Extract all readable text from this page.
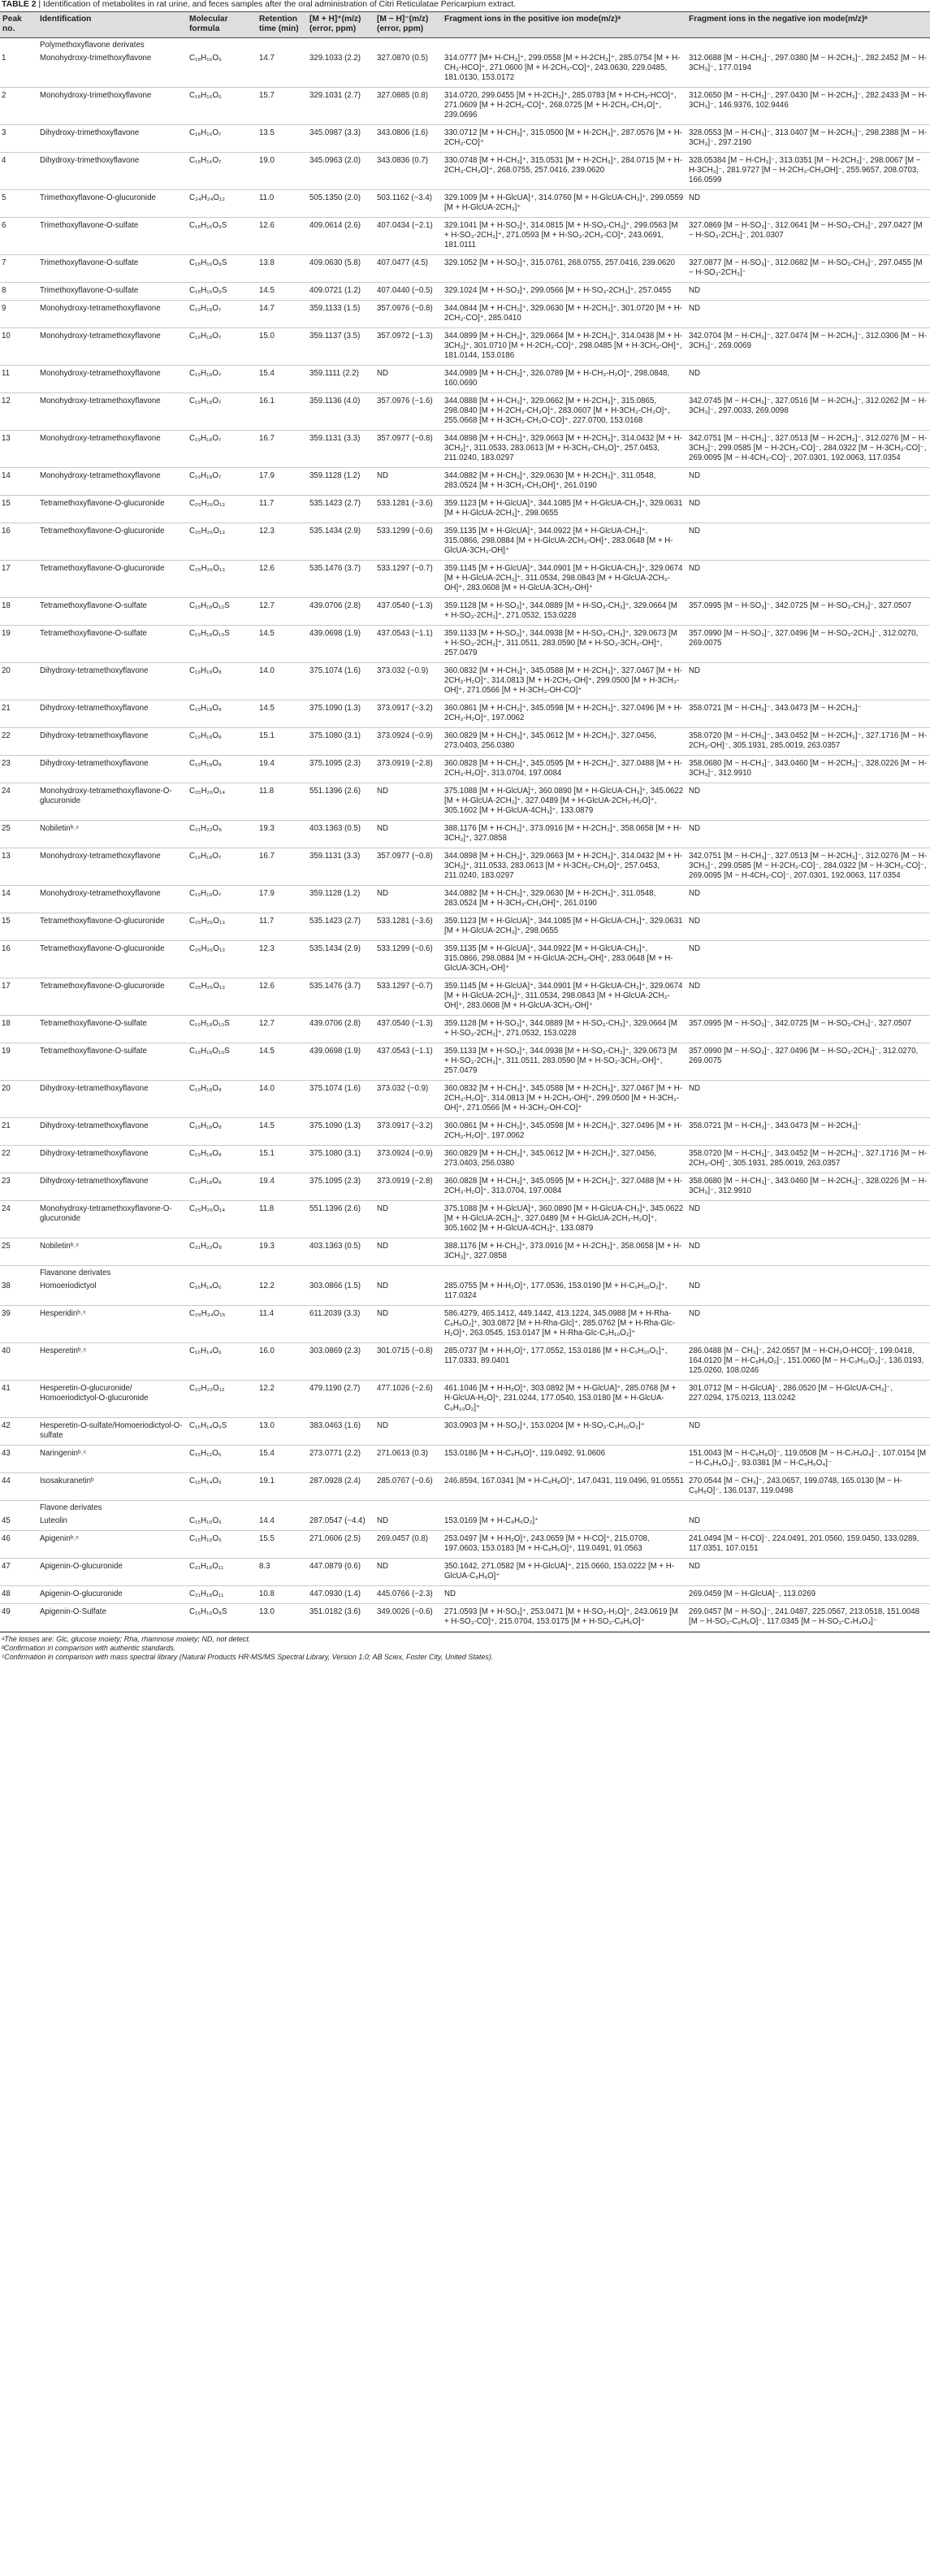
TABLE 2 | Identification of metabolites in rat urine, and feces samples after the oral administration of Citri Reticulatae Pericarpium extract.
Peak no.	Identification	Molecular formula	Retention time (min)	[M + H]⁺(m/z) (error, ppm)	[M − H]⁻(m/z) (error, ppm)	Fragment ions in the positive ion mode(m/z)ᵃ	Fragment ions in the negative ion mode(m/z)ᵃ
	Polymethoxyflavone derivates						
1	Monohydroxy-trimethoxyflavone	C₁₈H₁₆O₆	14.7	329.1033 (2.2)	327.0870 (0.5)	314.0777 [M+ H-CH₃]⁺, 299.0558 [M + H-2CH₃]⁺, 285.0754 [M + H-CH₃-HCO]⁺, 271.0600 [M + H-2CH₃-CO]⁺, 243.0630, 229.0485, 181.0130, 153.0172	312.0688 [M − H-CH₃]⁻, 297.0380 [M − H-2CH₃]⁻, 282.2452 [M − H-3CH₃]⁻, 177.0194
2	Monohydroxy-trimethoxyflavone	C₁₈H₁₆O₆	15.7	329.1031 (2.7)	327.0885 (0.8)	314.0720, 299.0455 [M + H-2CH₃]⁺, 285.0783 [M + H-CH₃-HCO]⁺, 271.0609 [M + H-2CH₃-CO]⁺, 268.0725 [M + H-2CH₃-CH₃O]⁺, 239.0696	312.0650 [M − H-CH₃]⁻, 297.0430 [M − H-2CH₃]⁻, 282.2433 [M − H-3CH₃]⁻, 146.9376, 102.9446
3	Dihydroxy-trimethoxyflavone	C₁₈H₁₆O₇	13.5	345.0987 (3.3)	343.0806 (1.6)	330.0712 [M + H-CH₃]⁺, 315.0500 [M + H-2CH₃]⁺, 287.0576 [M + H-2CH₃-CO]⁺	328.0553 [M − H-CH₃]⁻, 313.0407 [M − H-2CH₃]⁻, 298.2388 [M − H-3CH₃]⁻, 297.2190
4	Dihydroxy-trimethoxyflavone	C₁₈H₁₆O₇	19.0	345.0963 (2.0)	343.0836 (0.7)	330.0748 [M + H-CH₃]⁺, 315.0531 [M + H-2CH₃]⁺, 284.0715 [M + H-2CH₃-CH₃O]⁺, 268.0755, 257.0416, 239.0620	328.05384 [M − H-CH₃]⁻, 313.0351 [M − H-2CH₃]⁻, 298.0067 [M − H-3CH₃]⁻, 281.9727 [M − H-2CH₃-CH₃OH]⁻, 255.9657, 208.0703, 166.0599
5	Trimethoxyflavone-O-glucuronide	C₂₄H₂₄O₁₂	11.0	505.1350 (2.0)	503.1162 (−3.4)	329.1009 [M + H-GlcUA]⁺, 314.0760 [M + H-GlcUA-CH₃]⁺, 299.0559 [M + H-GlcUA-2CH₃]⁺	ND
6	Trimethoxyflavone-O-sulfate	C₁₈H₁₆O₉S	12.6	409.0614 (2.6)	407.0434 (−2.1)	329.1041 [M + H-SO₃]⁺, 314.0815 [M + H-SO₃-CH₃]⁺, 299.0563 [M + H-SO₃-2CH₃]⁺, 271.0593 [M + H-SO₃-2CH₃-CO]⁺, 243.0691, 181.0111	327.0869 [M − H-SO₃]⁻, 312.0641 [M − H-SO₃-CH₃]⁻, 297.0427 [M − H-SO₃-2CH₃]⁻, 201.0307
7	Trimethoxyflavone-O-sulfate	C₁₈H₁₆O₉S	13.8	409.0630 (5.8)	407.0477 (4.5)	329.1052 [M + H-SO₃]⁺, 315.0761, 268.0755, 257.0416, 239.0620	327.0877 [M − H-SO₃]⁻, 312.0682 [M − H-SO₃-CH₃]⁻, 297.0455 [M − H-SO₃-2CH₃]⁻
8	Trimethoxyflavone-O-sulfate	C₁₈H₁₆O₉S	14.5	409.0721 (1.2)	407.0440 (−0.5)	329.1024 [M + H-SO₃]⁺, 299.0566 [M + H-SO₃-2CH₃]⁺, 257.0455	ND
9	Monohydroxy-tetramethoxyflavone	C₁₉H₁₈O₇	14.7	359.1133 (1.5)	357.0976 (−0.8)	344.0844 [M + H-CH₃]⁺, 329.0630 [M + H-2CH₃]⁺, 301.0720 [M + H-2CH₃-CO]⁺, 285.0410	ND
10	Monohydroxy-tetramethoxyflavone	C₁₉H₁₈O₇	15.0	359.1137 (3.5)	357.0972 (−1.3)	344.0899 [M + H-CH₃]⁺, 329.0664 [M + H-2CH₃]⁺, 314.0438 [M + H-3CH₃]⁺, 301.0710 [M + H-2CH₃-CO]⁺, 298.0485 [M + H-3CH₃-OH]⁺, 181.0144, 153.0186	342.0704 [M − H-CH₃]⁻, 327.0474 [M − H-2CH₃]⁻, 312.0306 [M − H-3CH₃]⁻, 269.0069
11	Monohydroxy-tetramethoxyflavone	C₁₉H₁₈O₇	15.4	359.1111 (2.2)	ND	344.0989 [M + H-CH₃]⁺, 326.0789 [M + H-CH₃-H₂O]⁺, 298.0848, 160.0690	ND
12	Monohydroxy-tetramethoxyflavone	C₁₉H₁₈O₇	16.1	359.1136 (4.0)	357.0976 (−1.6)	344.0888 [M + H-CH₃]⁺, 329.0662 [M + H-2CH₃]⁺, 315.0865, 298.0840 [M + H-2CH₃-CH₃O]⁺, 283.0607 [M + H-3CH₃-CH₃O]⁺, 255.0668 [M + H-3CH₃-CH₃O-CO]⁺, 227.0700, 153.0168	342.0745 [M − H-CH₃]⁻, 327.0516 [M − H-2CH₃]⁻, 312.0262 [M − H-3CH₃]⁻, 297.0033, 269.0098
13	Monohydroxy-tetramethoxyflavone	C₁₉H₁₈O₇	16.7	359.1131 (3.3)	357.0977 (−0.8)	344.0898 [M + H-CH₃]⁺, 329.0663 [M + H-2CH₃]⁺, 314.0432 [M + H-3CH₃]⁺, 311.0533, 283.0613 [M + H-3CH₃-CH₃O]⁺, 257.0453, 211.0240, 183.0297	342.0751 [M − H-CH₃]⁻, 327.0513 [M − H-2CH₃]⁻, 312.0276 [M − H-3CH₃]⁻, 299.0585 [M − H-2CH₃-CO]⁻, 284.0322 [M − H-3CH₃-CO]⁻, 269.0095 [M − H-4CH₃-CO]⁻, 207.0301, 192.0063, 117.0354
14	Monohydroxy-tetramethoxyflavone	C₁₉H₁₈O₇	17.9	359.1128 (1.2)	ND	344.0882 [M + H-CH₃]⁺, 329.0630 [M + H-2CH₃]⁺, 311.0548, 283.0524 [M + H-3CH₃-CH₃OH]⁺, 261.0190	ND
15	Tetramethoxyflavone-O-glucuronide	C₂₅H₂₆O₁₃	11.7	535.1423 (2.7)	533.1281 (−3.6)	359.1123 [M + H-GlcUA]⁺, 344.1085 [M + H-GlcUA-CH₃]⁺, 329.0631 [M + H-GlcUA-2CH₃]⁺, 298.0655	ND
16	Tetramethoxyflavone-O-glucuronide	C₂₅H₂₆O₁₃	12.3	535.1434 (2.9)	533.1299 (−0.6)	359.1135 [M + H-GlcUA]⁺, 344.0922 [M + H-GlcUA-CH₃]⁺, 315.0866, 298.0884 [M + H-GlcUA-2CH₃-OH]⁺, 283.0648 [M + H-GlcUA-3CH₃-OH]⁺	ND
17	Tetramethoxyflavone-O-glucuronide	C₂₅H₂₆O₁₃	12.6	535.1476 (3.7)	533.1297 (−0.7)	359.1145 [M + H-GlcUA]⁺, 344.0901 [M + H-GlcUA-CH₃]⁺, 329.0674 [M + H-GlcUA-2CH₃]⁺, 311.0534, 298.0843 [M + H-GlcUA-2CH₃-OH]⁺, 283.0608 [M + H-GlcUA-3CH₃-OH]⁺	ND
18	Tetramethoxyflavone-O-sulfate	C₁₉H₁₈O₁₀S	12.7	439.0706 (2.8)	437.0540 (−1.3)	359.1128 [M + H-SO₃]⁺, 344.0889 [M + H-SO₃-CH₃]⁺, 329.0664 [M + H-SO₃-2CH₃]⁺, 271.0532, 153.0228	357.0995 [M − H-SO₃]⁻, 342.0725 [M − H-SO₃-CH₃]⁻, 327.0507
19	Tetramethoxyflavone-O-sulfate	C₁₉H₁₈O₁₀S	14.5	439.0698 (1.9)	437.0543 (−1.1)	359.1133 [M + H-SO₃]⁺, 344.0938 [M + H-SO₃-CH₃]⁺, 329.0673 [M + H-SO₃-2CH₃]⁺, 311.0511, 283.0590 [M + H-SO₃-3CH₃-OH]⁺, 257.0479	357.0990 [M − H-SO₃]⁻, 327.0496 [M − H-SO₃-2CH₃]⁻, 312.0270, 269.0075
20	Dihydroxy-tetramethoxyflavone	C₁₉H₁₈O₈	14.0	375.1074 (1.6)	373.032 (−0.9)	360.0832 [M + H-CH₃]⁺, 345.0588 [M + H-2CH₃]⁺, 327.0467 [M + H-2CH₃-H₂O]⁺, 314.0813 [M + H-2CH₃-OH]⁺, 299.0500 [M + H-3CH₃-OH]⁺, 271.0566 [M + H-3CH₃-OH-CO]⁺	ND
21	Dihydroxy-tetramethoxyflavone	C₁₉H₁₈O₈	14.5	375.1090 (1.3)	373.0917 (−3.2)	360.0861 [M + H-CH₃]⁺, 345.0598 [M + H-2CH₃]⁺, 327.0496 [M + H-2CH₃-H₂O]⁺, 197.0062	358.0721 [M − H-CH₃]⁻, 343.0473 [M − H-2CH₃]⁻
22	Dihydroxy-tetramethoxyflavone	C₁₉H₁₈O₈	15.1	375.1080 (3.1)	373.0924 (−0.9)	360.0829 [M + H-CH₃]⁺, 345.0612 [M + H-2CH₃]⁺, 327.0456, 273.0403, 256.0380	358.0720 [M − H-CH₃]⁻, 343.0452 [M − H-2CH₃]⁻, 327.1716 [M − H-2CH₃-OH]⁻, 305.1931, 285.0019, 263.0357
23	Dihydroxy-tetramethoxyflavone	C₁₉H₁₈O₈	19.4	375.1095 (2.3)	373.0919 (−2.8)	360.0828 [M + H-CH₃]⁺, 345.0595 [M + H-2CH₃]⁺, 327.0488 [M + H-2CH₃-H₂O]⁺, 313.0704, 197.0084	358.0680 [M − H-CH₃]⁻, 343.0460 [M − H-2CH₃]⁻, 328.0226 [M − H-3CH₃]⁻, 312.9910
24	Monohydroxy-tetramethoxyflavone-O-glucuronide	C₂₅H₂₆O₁₄	11.8	551.1396 (2.6)	ND	375.1088 [M + H-GlcUA]⁺, 360.0890 [M + H-GlcUA-CH₃]⁺, 345.0622 [M + H-GlcUA-2CH₃]⁺, 327.0489 [M + H-GlcUA-2CH₃-H₂O]⁺, 305.1602 [M + H-GlcUA-4CH₃]⁺, 133.0879	ND
25	Nobiletinᵇ˒ᶜ	C₂₁H₂₂O₈	19.3	403.1363 (0.5)	ND	388.1176 [M + H-CH₃]⁺, 373.0916 [M + H-2CH₃]⁺, 358.0658 [M + H-3CH₃]⁺, 327.0858	ND
13	Monohydroxy-tetramethoxyflavone	C₁₉H₁₈O₇	16.7	359.1131 (3.3)	357.0977 (−0.8)	344.0898 [M + H-CH₃]⁺, 329.0663 [M + H-2CH₃]⁺, 314.0432 [M + H-3CH₃]⁺, 311.0533, 283.0613 [M + H-3CH₃-CH₃O]⁺, 257.0453, 211.0240, 183.0297	342.0751 [M − H-CH₃]⁻, 327.0513 [M − H-2CH₃]⁻, 312.0276 [M − H-3CH₃]⁻, 299.0585 [M − H-2CH₃-CO]⁻, 284.0322 [M − H-3CH₃-CO]⁻, 269.0095 [M − H-4CH₃-CO]⁻, 207.0301, 192.0063, 117.0354
14	Monohydroxy-tetramethoxyflavone	C₁₉H₁₈O₇	17.9	359.1128 (1.2)	ND	344.0882 [M + H-CH₃]⁺, 329.0630 [M + H-2CH₃]⁺, 311.0548, 283.0524 [M + H-3CH₃-CH₃OH]⁺, 261.0190	ND
15	Tetramethoxyflavone-O-glucuronide	C₂₅H₂₆O₁₃	11.7	535.1423 (2.7)	533.1281 (−3.6)	359.1123 [M + H-GlcUA]⁺, 344.1085 [M + H-GlcUA-CH₃]⁺, 329.0631 [M + H-GlcUA-2CH₃]⁺, 298.0655	ND
16	Tetramethoxyflavone-O-glucuronide	C₂₅H₂₆O₁₃	12.3	535.1434 (2.9)	533.1299 (−0.6)	359.1135 [M + H-GlcUA]⁺, 344.0922 [M + H-GlcUA-CH₃]⁺, 315.0866, 298.0884 [M + H-GlcUA-2CH₃-OH]⁺, 283.0648 [M + H-GlcUA-3CH₃-OH]⁺	ND
17	Tetramethoxyflavone-O-glucuronide	C₂₅H₂₆O₁₃	12.6	535.1476 (3.7)	533.1297 (−0.7)	359.1145 [M + H-GlcUA]⁺, 344.0901 [M + H-GlcUA-CH₃]⁺, 329.0674 [M + H-GlcUA-2CH₃]⁺, 311.0534, 298.0843 [M + H-GlcUA-2CH₃-OH]⁺, 283.0608 [M + H-GlcUA-3CH₃-OH]⁺	ND
18	Tetramethoxyflavone-O-sulfate	C₁₉H₁₈O₁₀S	12.7	439.0706 (2.8)	437.0540 (−1.3)	359.1128 [M + H-SO₃]⁺, 344.0889 [M + H-SO₃-CH₃]⁺, 329.0664 [M + H-SO₃-2CH₃]⁺, 271.0532, 153.0228	357.0995 [M − H-SO₃]⁻, 342.0725 [M − H-SO₃-CH₃]⁻, 327.0507
19	Tetramethoxyflavone-O-sulfate	C₁₉H₁₈O₁₀S	14.5	439.0698 (1.9)	437.0543 (−1.1)	359.1133 [M + H-SO₃]⁺, 344.0938 [M + H-SO₃-CH₃]⁺, 329.0673 [M + H-SO₃-2CH₃]⁺, 311.0511, 283.0590 [M + H-SO₃-3CH₃-OH]⁺, 257.0479	357.0990 [M − H-SO₃]⁻, 327.0496 [M − H-SO₃-2CH₃]⁻, 312.0270, 269.0075
20	Dihydroxy-tetramethoxyflavone	C₁₉H₁₈O₈	14.0	375.1074 (1.6)	373.032 (−0.9)	360.0832 [M + H-CH₃]⁺, 345.0588 [M + H-2CH₃]⁺, 327.0467 [M + H-2CH₃-H₂O]⁺, 314.0813 [M + H-2CH₃-OH]⁺, 299.0500 [M + H-3CH₃-OH]⁺, 271.0566 [M + H-3CH₃-OH-CO]⁺	ND
21	Dihydroxy-tetramethoxyflavone	C₁₉H₁₈O₈	14.5	375.1090 (1.3)	373.0917 (−3.2)	360.0861 [M + H-CH₃]⁺, 345.0598 [M + H-2CH₃]⁺, 327.0496 [M + H-2CH₃-H₂O]⁺, 197.0062	358.0721 [M − H-CH₃]⁻, 343.0473 [M − H-2CH₃]⁻
22	Dihydroxy-tetramethoxyflavone	C₁₉H₁₈O₈	15.1	375.1080 (3.1)	373.0924 (−0.9)	360.0829 [M + H-CH₃]⁺, 345.0612 [M + H-2CH₃]⁺, 327.0456, 273.0403, 256.0380	358.0720 [M − H-CH₃]⁻, 343.0452 [M − H-2CH₃]⁻, 327.1716 [M − H-2CH₃-OH]⁻, 305.1931, 285.0019, 263.0357
23	Dihydroxy-tetramethoxyflavone	C₁₉H₁₈O₈	19.4	375.1095 (2.3)	373.0919 (−2.8)	360.0828 [M + H-CH₃]⁺, 345.0595 [M + H-2CH₃]⁺, 327.0488 [M + H-2CH₃-H₂O]⁺, 313.0704, 197.0084	358.0680 [M − H-CH₃]⁻, 343.0460 [M − H-2CH₃]⁻, 328.0226 [M − H-3CH₃]⁻, 312.9910
24	Monohydroxy-tetramethoxyflavone-O-glucuronide	C₂₅H₂₆O₁₄	11.8	551.1396 (2.6)	ND	375.1088 [M + H-GlcUA]⁺, 360.0890 [M + H-GlcUA-CH₃]⁺, 345.0622 [M + H-GlcUA-2CH₃]⁺, 327.0489 [M + H-GlcUA-2CH₃-H₂O]⁺, 305.1602 [M + H-GlcUA-4CH₃]⁺, 133.0879	ND
25	Nobiletinᵇ˒ᶜ	C₂₁H₂₂O₈	19.3	403.1363 (0.5)	ND	388.1176 [M + H-CH₃]⁺, 373.0916 [M + H-2CH₃]⁺, 358.0658 [M + H-3CH₃]⁺, 327.0858	ND
	Flavanone derivates						
38	Homoeriodictyol	C₁₆H₁₄O₆	12.2	303.0866 (1.5)	ND	285.0755 [M + H-H₂O]⁺, 177.0536, 153.0190 [M + H-C₉H₁₀O₂]⁺, 117.0324	ND
39	Hesperidinᵇ˒ᶜ	C₂₈H₃₄O₁₅	11.4	611.2039 (3.3)	ND	586.4279, 465.1412, 449.1442, 413.1224, 345.0988 [M + H-Rha-C₈H₈O₂]⁺, 303.0872 [M + H-Rha-Glc]⁺, 285.0762 [M + H-Rha-Glc-H₂O]⁺, 263.0545, 153.0147 [M + H-Rha-Glc-C₉H₁₀O₂]⁺	ND
40	Hesperetinᵇ˒ᶜ	C₁₆H₁₄O₆	16.0	303.0869 (2.3)	301.0715 (−0.8)	285.0737 [M + H-H₂O]⁺, 177.0552, 153.0186 [M + H-C₉H₁₀O₂]⁺, 117.0333, 89.0401	286.0488 [M − CH₃]⁻, 242.0557 [M − H-CH₃O-HCO]⁻, 199.0418, 164.0120 [M − H-C₈H₉O₂]⁻, 151.0060 [M − H-C₉H₁₀O₂]⁻, 136.0193, 125.0260, 108.0246
41	Hesperetin-O-glucuronide/ Homoeriodictyol-O-glucuronide	C₂₂H₂₂O₁₂	12.2	479.1190 (2.7)	477.1026 (−2.6)	461.1046 [M + H-H₂O]⁺, 303.0892 [M + H-GlcUA]⁺, 285.0768 [M + H-GlcUA-H₂O]⁺, 231.0244, 177.0540, 153.0180 [M + H-GlcUA-C₉H₁₀O₂]⁺	301.0712 [M − H-GlcUA]⁻, 286.0520 [M − H-GlcUA-CH₃]⁻, 227.0294, 175.0213, 113.0242
42	Hesperetin-O-sulfate/Homoeriodictyol-O-sulfate	C₁₆H₁₄O₉S	13.0	383.0463 (1.6)	ND	303.0903 [M + H-SO₃]⁺, 153.0204 [M + H-SO₃-C₉H₁₀O₂]⁺	ND
43	Naringeninᵇ˒ᶜ	C₁₅H₁₂O₅	15.4	273.0771 (2.2)	271.0613 (0.3)	153.0186 [M + H-C₈H₈O]⁺, 119.0492, 91.0606	151.0043 [M − H-C₈H₈O]⁻, 119.0508 [M − H-C₇H₄O₄]⁻, 107.0154 [M − H-C₉H₈O₃]⁻, 93.0381 [M − H-C₈H₆O₄]⁻
44	Isosakuranetinᵇ	C₁₆H₁₄O₅	19.1	287.0928 (2.4)	285.0767 (−0.6)	246.8594, 167.0341 [M + H-C₈H₈O]⁺, 147.0431, 119.0496, 91.05551	270.0544 [M − CH₃]⁻, 243.0657, 199.0748, 165.0130 [M − H-C₈H₈O]⁻, 136.0137, 119.0498
	Flavone derivates						
45	Luteolin	C₁₅H₁₀O₆	14.4	287.0547 (−4.4)	ND	153.0169 [M + H-C₈H₆O₂]⁺	ND
46	Apigeninᵇ˒ᶜ	C₁₅H₁₀O₅	15.5	271.0606 (2.5)	269.0457 (0.8)	253.0497 [M + H-H₂O]⁺, 243.0659 [M + H-CO]⁺, 215.0708, 197.0603, 153.0183 [M + H-C₈H₆O]⁺, 119.0491, 91.0563	241.0494 [M − H-CO]⁻, 224.0491, 201.0560, 159.0450, 133.0289, 117.0351, 107.0151
47	Apigenin-O-glucuronide	C₂₁H₁₈O₁₁	8.3	447.0879 (0.6)	ND	350.1642, 271.0582 [M + H-GlcUA]⁺, 215.0660, 153.0222 [M + H-GlcUA-C₈H₆O]⁺	ND
48	Apigenin-O-glucuronide	C₂₁H₁₈O₁₁	10.8	447.0930 (1.4)	445.0766 (−2.3)	ND	269.0459 [M − H-GlcUA]⁻, 113.0269
49	Apigenin-O-Sulfate	C₁₅H₁₀O₈S	13.0	351.0182 (3.6)	349.0026 (−0.6)	271.0593 [M + H-SO₃]⁺, 253.0471 [M + H-SO₃-H₂O]⁺, 243.0619 [M + H-SO₃-CO]⁺, 215.0704, 153.0175 [M + H-SO₃-C₈H₆O]⁺	269.0457 [M − H-SO₃]⁻, 241.0487, 225.0567, 213.0518, 151.0048 [M − H-SO₃-C₈H₆O]⁻, 117.0345 [M − H-SO₃-C₇H₄O₄]⁻
ᵃThe losses are: Glc, glucose moiety; Rha, rhamnose moiety; ND, not detect.
ᵇConfirmation in comparison with authentic standards.
ᶜConfirmation in comparison with mass spectral library (Natural Products HR-MS/MS Spectral Library, Version 1.0; AB Sciex, Foster City, United States).
